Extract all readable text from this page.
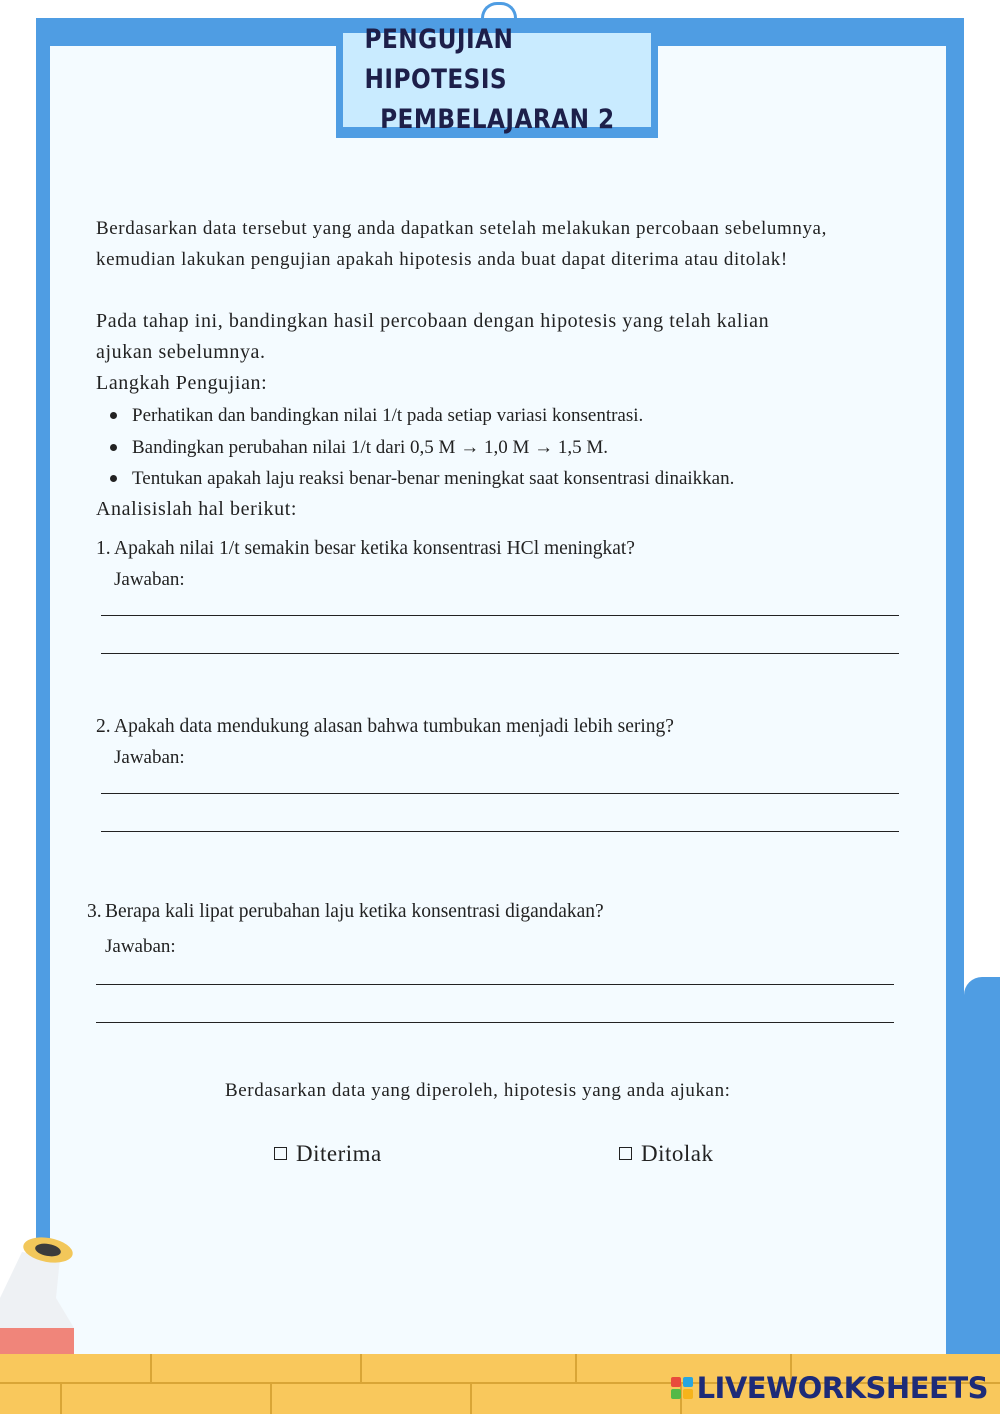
PENGUJIAN HIPOTESIS
PEMBELAJARAN 2
Berdasarkan data tersebut yang anda dapatkan setelah melakukan percobaan sebelumnya,
kemudian lakukan pengujian apakah hipotesis anda buat dapat diterima atau ditolak!
Pada tahap ini, bandingkan hasil percobaan dengan hipotesis yang telah kalian
ajukan sebelumnya.
Langkah Pengujian:
Perhatikan dan bandingkan nilai 1/t pada setiap variasi konsentrasi.
Bandingkan perubahan nilai 1/t dari 0,5 M → 1,0 M → 1,5 M.
Tentukan apakah laju reaksi benar-benar meningkat saat konsentrasi dinaikkan.
Analisislah hal berikut:
1. Apakah nilai 1/t semakin besar ketika konsentrasi HCl meningkat?
Jawaban:
2. Apakah data mendukung alasan bahwa tumbukan menjadi lebih sering?
Jawaban:
3. Berapa kali lipat perubahan laju ketika konsentrasi digandakan?
Jawaban:
Berdasarkan data yang diperoleh, hipotesis yang anda ajukan:
Diterima	Ditolak
LIVEWORKSHEETS
